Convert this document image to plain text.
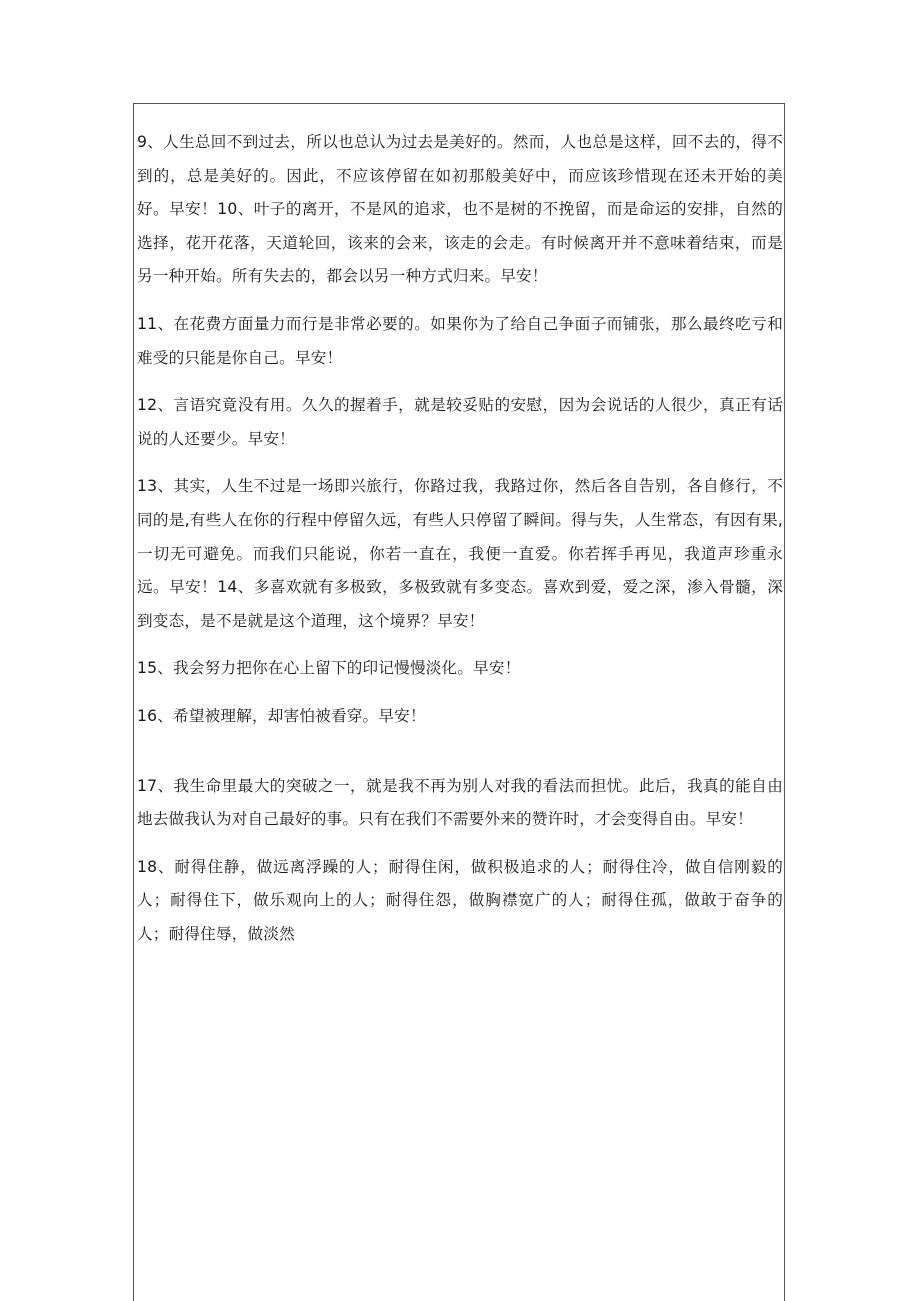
9、人生总回不到过去，所以也总认为过去是美好的。然而，人也总是这样，回不去的，得不到的，总是美好的。因此，不应该停留在如初那般美好中，而应该珍惜现在还未开始的美好。早安！10、叶子的离开，不是风的追求，也不是树的不挽留，而是命运的安排，自然的选择，花开花落，天道轮回，该来的会来，该走的会走。有时候离开并不意味着结束，而是另一种开始。所有失去的，都会以另一种方式归来。早安！

11、在花费方面量力而行是非常必要的。如果你为了给自己争面子而铺张，那么最终吃亏和难受的只能是你自己。早安！

12、言语究竟没有用。久久的握着手，就是较妥贴的安慰，因为会说话的人很少，真正有话说的人还要少。早安！

13、其实，人生不过是一场即兴旅行，你路过我，我路过你，然后各自告别，各自修行，不同的是,有些人在你的行程中停留久远，有些人只停留了瞬间。得与失，人生常态，有因有果,一切无可避免。而我们只能说，你若一直在，我便一直爱。你若挥手再见，我道声珍重永远。早安！14、多喜欢就有多极致，多极致就有多变态。喜欢到爱，爱之深，渗入骨髓，深到变态，是不是就是这个道理，这个境界？早安！

15、我会努力把你在心上留下的印记慢慢淡化。早安！

16、希望被理解，却害怕被看穿。早安！

17、我生命里最大的突破之一，就是我不再为别人对我的看法而担忧。此后，我真的能自由地去做我认为对自己最好的事。只有在我们不需要外来的赞许时，才会变得自由。早安！

18、耐得住静，做远离浮躁的人；耐得住闲，做积极追求的人；耐得住冷，做自信刚毅的人；耐得住下，做乐观向上的人；耐得住怨，做胸襟宽广的人；耐得住孤，做敢于奋争的人；耐得住辱，做淡然
